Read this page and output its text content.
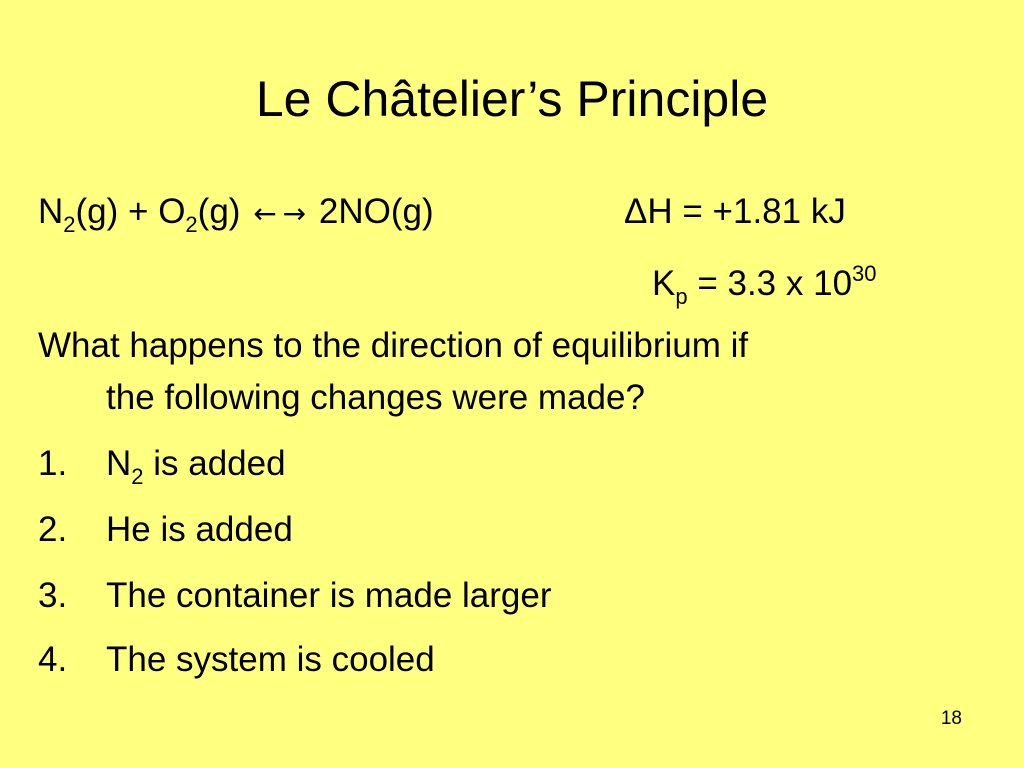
Le Châtelier’s Principle
$N_2(g) + O_2(g)$ ← → 2NO(g)	ΔH = +1.81 kJ
$K_p = 3.3$ x $10^{30}$
What happens to the direction of equilibrium if
the following changes were made?
1.	$N_2$ is added
2.	He is added
3.	The container is made larger
4.	The system is cooled
18
